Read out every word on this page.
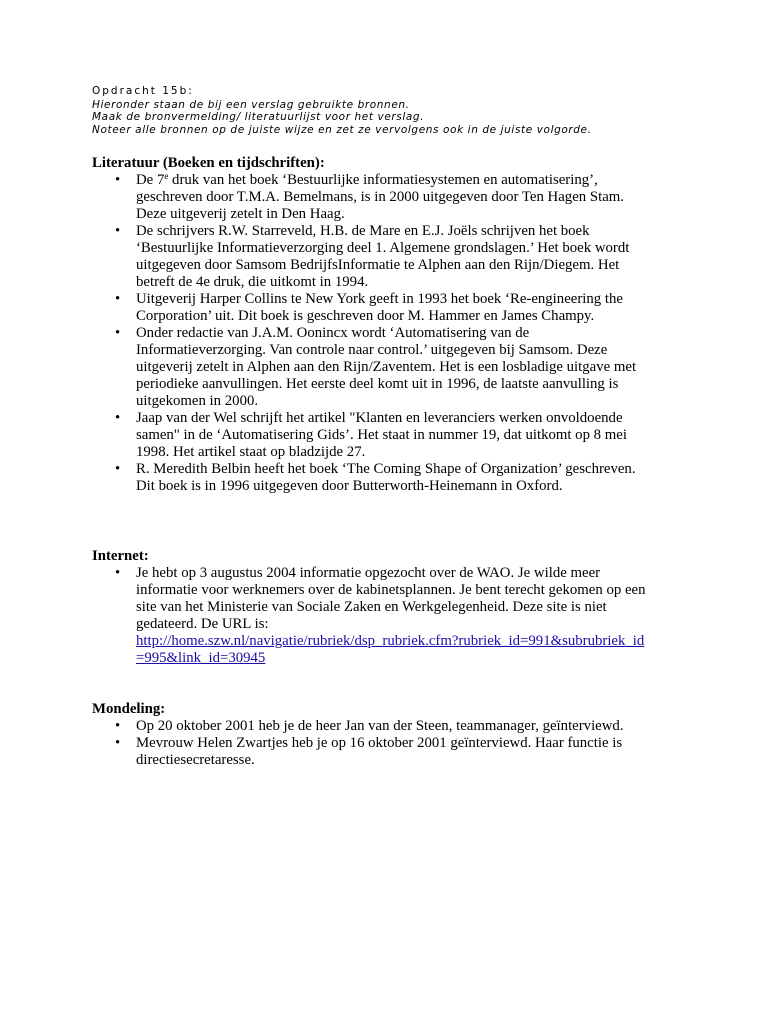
Opdracht 15b:
Hieronder staan de bij een verslag gebruikte bronnen.
Maak de bronvermelding/ literatuurlijst voor het verslag.
Noteer alle bronnen op de juiste wijze en zet ze vervolgens ook in de juiste volgorde.
Literatuur (Boeken en tijdschriften):
• De 7e druk van het boek ‘Bestuurlijke informatiesystemen en automatisering’,
geschreven door T.M.A. Bemelmans, is in 2000 uitgegeven door Ten Hagen Stam.
Deze uitgeverij zetelt in Den Haag.
• De schrijvers R.W. Starreveld, H.B. de Mare en E.J. Joëls schrijven het boek
‘Bestuurlijke Informatieverzorging deel 1. Algemene grondslagen.’ Het boek wordt
uitgegeven door Samsom BedrijfsInformatie te Alphen aan den Rijn/Diegem. Het
betreft de 4e druk, die uitkomt in 1994.
• Uitgeverij Harper Collins te New York geeft in 1993 het boek ‘Re-engineering the
Corporation’ uit. Dit boek is geschreven door M. Hammer en James Champy.
• Onder redactie van J.A.M. Oonincx wordt ‘Automatisering van de
Informatieverzorging. Van controle naar control.’ uitgegeven bij Samsom. Deze
uitgeverij zetelt in Alphen aan den Rijn/Zaventem. Het is een losbladige uitgave met
periodieke aanvullingen. Het eerste deel komt uit in 1996, de laatste aanvulling is
uitgekomen in 2000.
• Jaap van der Wel schrijft het artikel "Klanten en leveranciers werken onvoldoende
samen" in de ‘Automatisering Gids’. Het staat in nummer 19, dat uitkomt op 8 mei
1998. Het artikel staat op bladzijde 27.
• R. Meredith Belbin heeft het boek ‘The Coming Shape of Organization’ geschreven.
Dit boek is in 1996 uitgegeven door Butterworth-Heinemann in Oxford.
Internet:
• Je hebt op 3 augustus 2004 informatie opgezocht over de WAO. Je wilde meer
informatie voor werknemers over de kabinetsplannen. Je bent terecht gekomen op een
site van het Ministerie van Sociale Zaken en Werkgelegenheid. Deze site is niet
gedateerd. De URL is:
http://home.szw.nl/navigatie/rubriek/dsp_rubriek.cfm?rubriek_id=991&subrubriek_id
=995&link_id=30945
Mondeling:
• Op 20 oktober 2001 heb je de heer Jan van der Steen, teammanager, geïnterviewd.
• Mevrouw Helen Zwartjes heb je op 16 oktober 2001 geïnterviewd. Haar functie is
directiesecretaresse.
